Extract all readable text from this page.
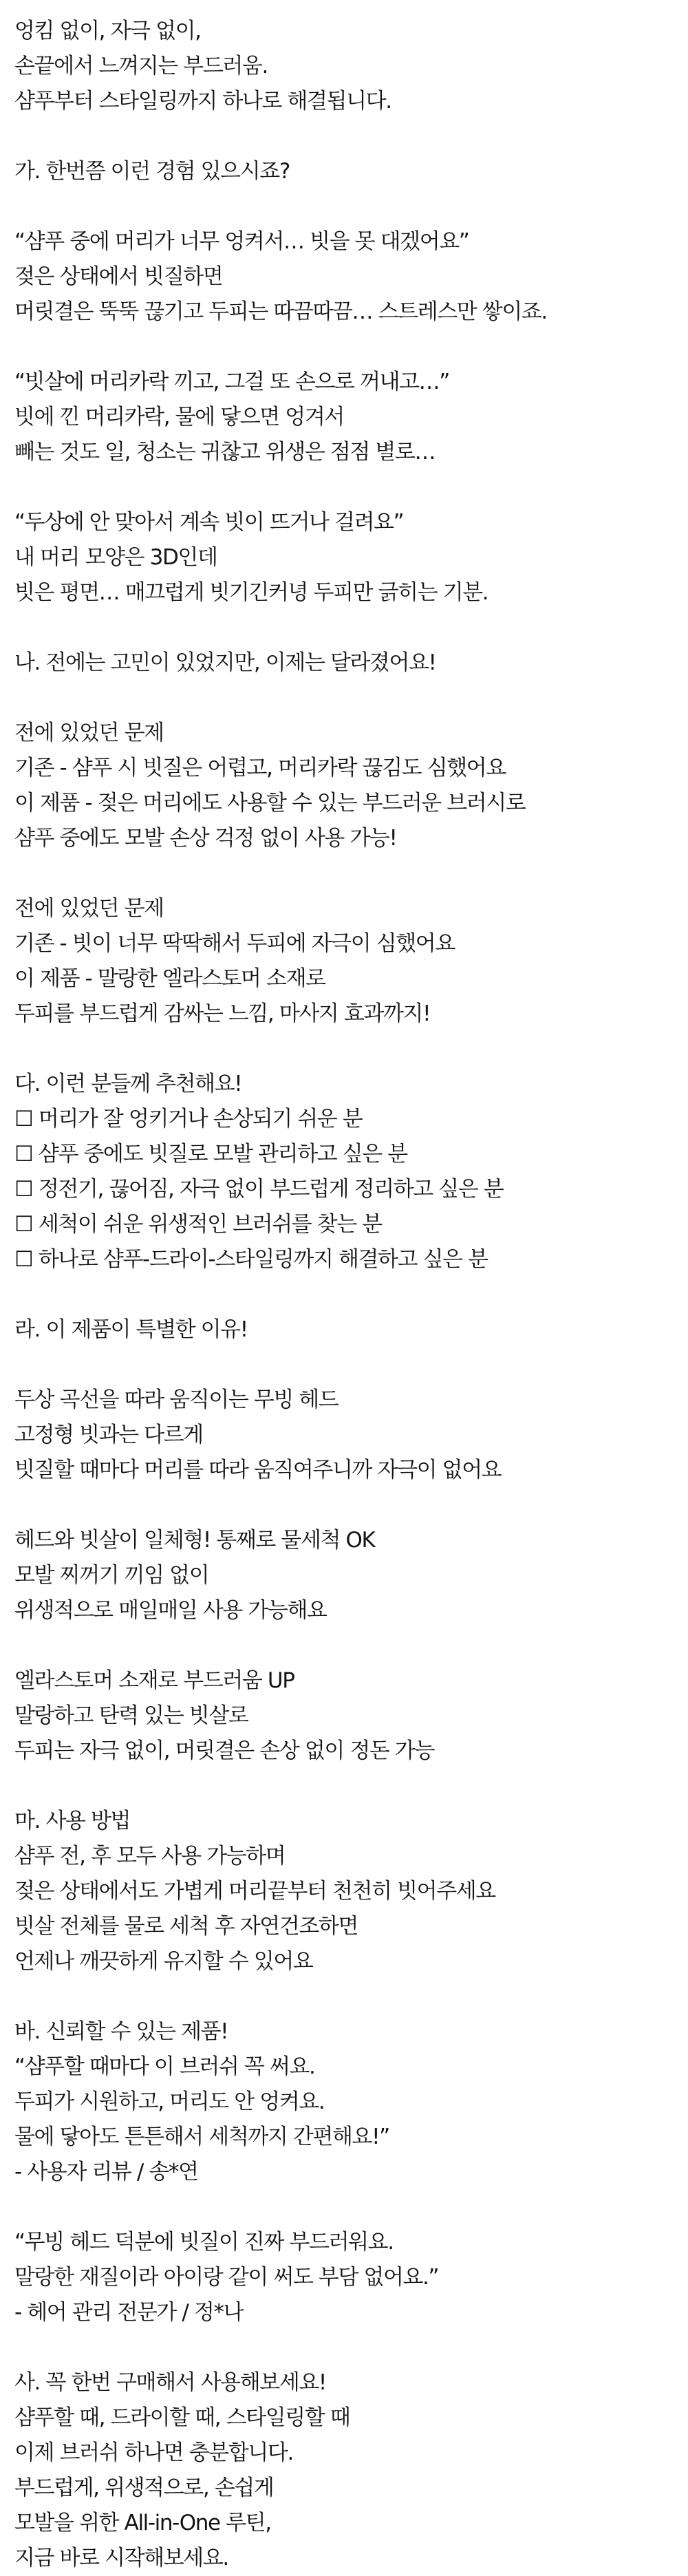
엉킴 없이, 자극 없이,

손끝에서 느껴지는 부드러움.

샴푸부터 스타일링까지 하나로 해결됩니다.

가. 한번쯤 이런 경험 있으시죠?

“샴푸 중에 머리가 너무 엉켜서… 빗을 못 대겠어요”

젖은 상태에서 빗질하면

머릿결은 뚝뚝 끊기고 두피는 따끔따끔… 스트레스만 쌓이죠.

“빗살에 머리카락 끼고, 그걸 또 손으로 꺼내고…”

빗에 낀 머리카락, 물에 닿으면 엉겨서

빼는 것도 일, 청소는 귀찮고 위생은 점점 별로…

“두상에 안 맞아서 계속 빗이 뜨거나 걸려요”

내 머리 모양은 3D인데

빗은 평면… 매끄럽게 빗기긴커녕 두피만 긁히는 기분.

나. 전에는 고민이 있었지만, 이제는 달라졌어요!

전에 있었던 문제

기존 - 샴푸 시 빗질은 어렵고, 머리카락 끊김도 심했어요

이 제품 - 젖은 머리에도 사용할 수 있는 부드러운 브러시로

샴푸 중에도 모발 손상 걱정 없이 사용 가능!

전에 있었던 문제

기존 - 빗이 너무 딱딱해서 두피에 자극이 심했어요

이 제품 - 말랑한 엘라스토머 소재로

두피를 부드럽게 감싸는 느낌, 마사지 효과까지!

다. 이런 분들께 추천해요!

☐ 머리가 잘 엉키거나 손상되기 쉬운 분

☐ 샴푸 중에도 빗질로 모발 관리하고 싶은 분

☐ 정전기, 끊어짐, 자극 없이 부드럽게 정리하고 싶은 분

☐ 세척이 쉬운 위생적인 브러쉬를 찾는 분

☐ 하나로 샴푸-드라이-스타일링까지 해결하고 싶은 분

라. 이 제품이 특별한 이유!

두상 곡선을 따라 움직이는 무빙 헤드

고정형 빗과는 다르게

빗질할 때마다 머리를 따라 움직여주니까 자극이 없어요

헤드와 빗살이 일체형! 통째로 물세척 OK

모발 찌꺼기 끼임 없이

위생적으로 매일매일 사용 가능해요

엘라스토머 소재로 부드러움 UP

말랑하고 탄력 있는 빗살로

두피는 자극 없이, 머릿결은 손상 없이 정돈 가능

마. 사용 방법

샴푸 전, 후 모두 사용 가능하며

젖은 상태에서도 가볍게 머리끝부터 천천히 빗어주세요

빗살 전체를 물로 세척 후 자연건조하면

언제나 깨끗하게 유지할 수 있어요

바. 신뢰할 수 있는 제품!

“샴푸할 때마다 이 브러쉬 꼭 써요.

두피가 시원하고, 머리도 안 엉켜요.

물에 닿아도 튼튼해서 세척까지 간편해요!”

- 사용자 리뷰 / 송*연

“무빙 헤드 덕분에 빗질이 진짜 부드러워요.

말랑한 재질이라 아이랑 같이 써도 부담 없어요.”

- 헤어 관리 전문가 / 정*나

사. 꼭 한번 구매해서 사용해보세요!

샴푸할 때, 드라이할 때, 스타일링할 때

이제 브러쉬 하나면 충분합니다.

부드럽게, 위생적으로, 손쉽게

모발을 위한 All-in-One 루틴,

지금 바로 시작해보세요.
